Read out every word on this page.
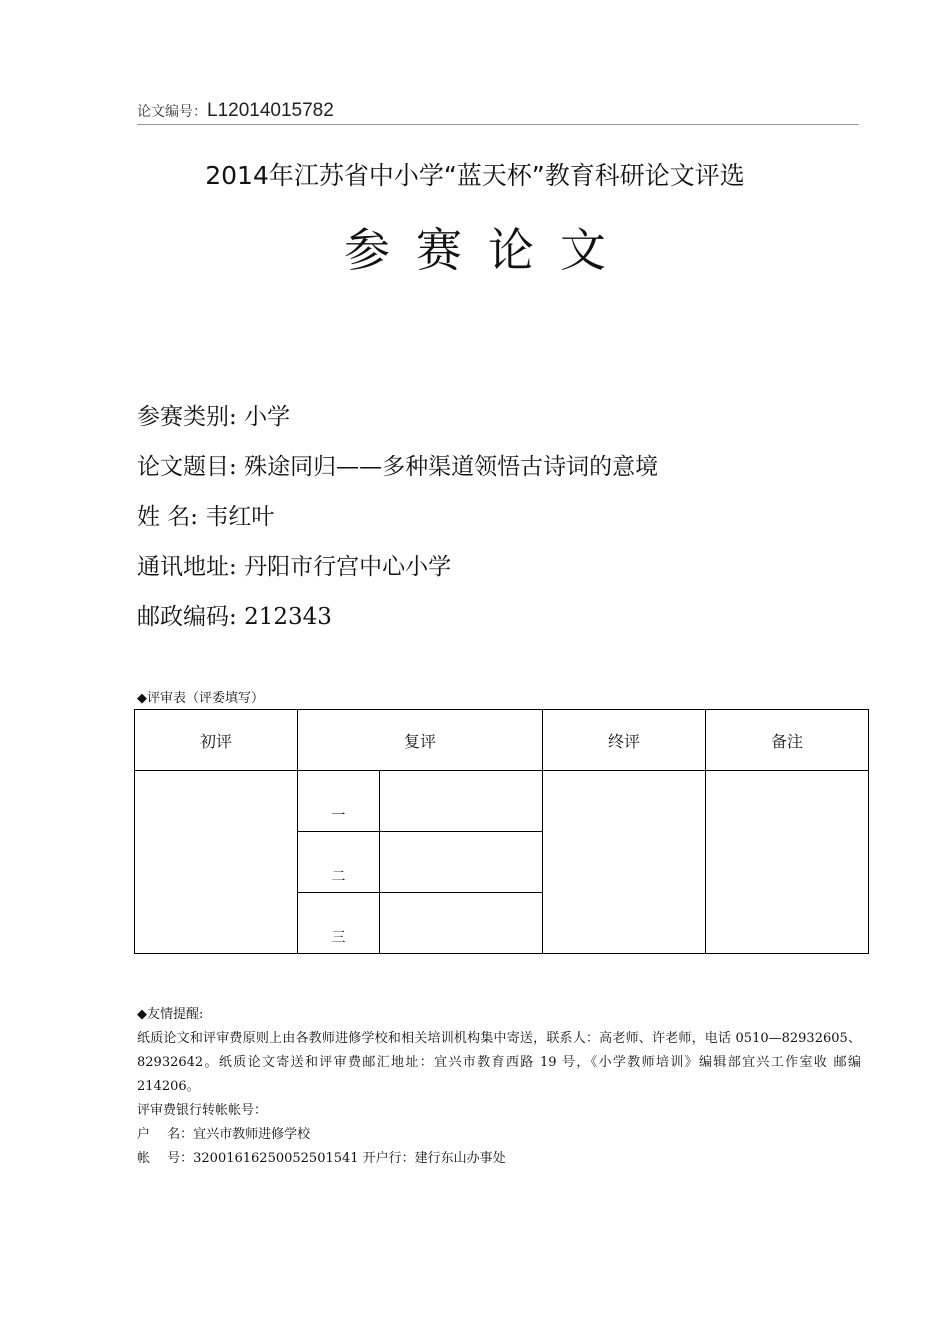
论文编号：L12014015782
2014年江苏省中小学“蓝天杯”教育科研论文评选
参赛论文
参赛类别: 小学
论文题目: 殊途同归——多种渠道领悟古诗词的意境
姓 名: 韦红叶
通讯地址: 丹阳市行宫中心小学
邮政编码: 212343
◆评审表（评委填写）
初评	复评		终评	备注
	一			
	二			
	三			

◆友情提醒:

纸质论文和评审费原则上由各教师进修学校和相关培训机构集中寄送，联系人：高老师、许老师，电话 0510—82932605、82932642。纸质论文寄送和评审费邮汇地址：宜兴市教育西路 19 号，《小学教师培训》编辑部宜兴工作室收 邮编 214206。

评审费银行转帐帐号：

户　 名：宜兴市教师进修学校

帐　 号：32001616250052501541 开户行：建行东山办事处
